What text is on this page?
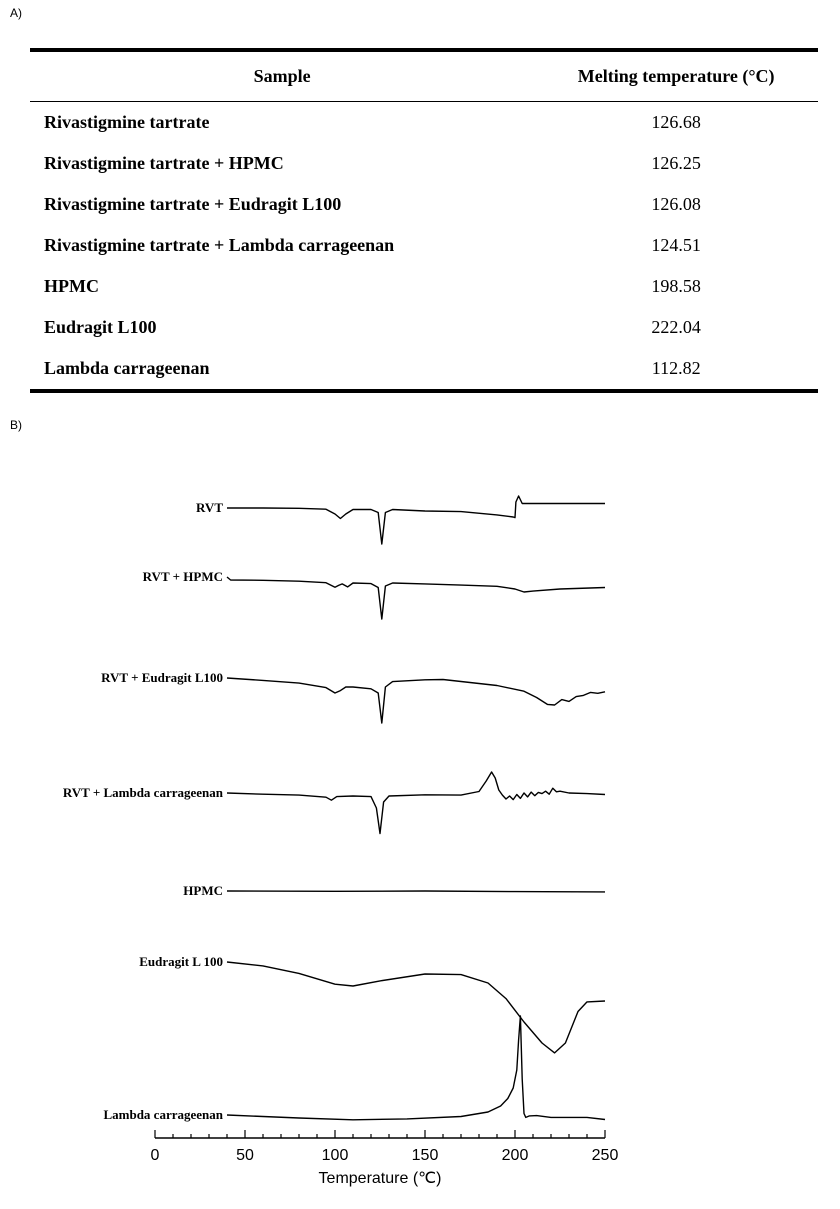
A)
Sample	Melting temperature (°C)
Rivastigmine tartrate	126.68
Rivastigmine tartrate + HPMC	126.25
Rivastigmine tartrate + Eudragit L100	126.08
Rivastigmine tartrate + Lambda carrageenan	124.51
HPMC	198.58
Eudragit L100	222.04
Lambda carrageenan	112.82
B)
RVT
RVT + HPMC
RVT + Eudragit L100
RVT + Lambda carrageenan
HPMC
Eudragit L 100
Lambda carrageenan
0	50	100	150	200	250
Temperature (℃)
